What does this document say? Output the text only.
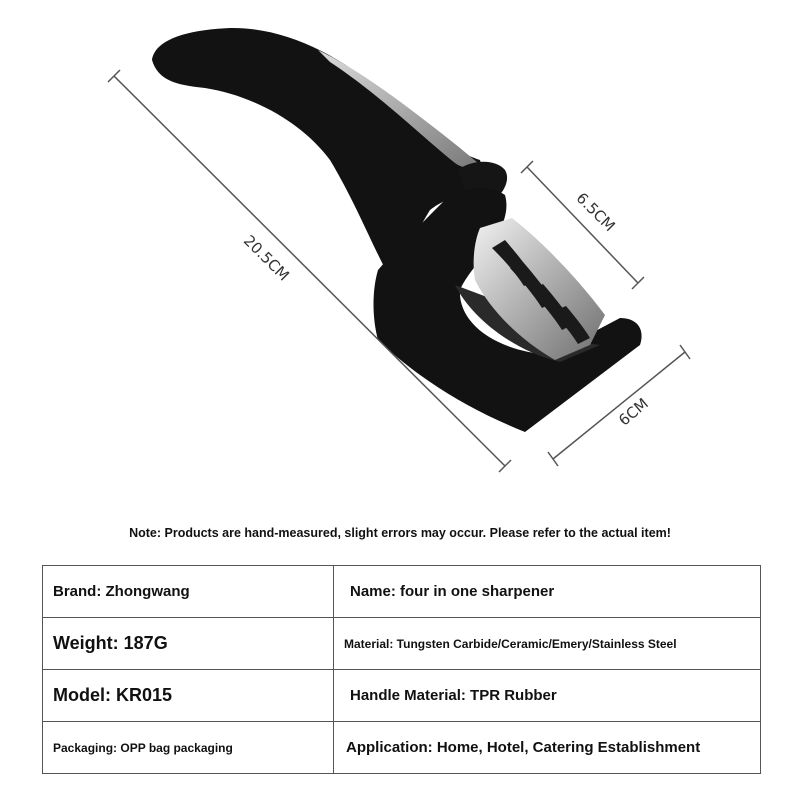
20.5CM
6.5CM
6CM
Note: Products are hand-measured, slight errors may occur. Please refer to the actual item!
Brand: Zhongwang	Name: four in one sharpener
Weight: 187G	Material: Tungsten Carbide/Ceramic/Emery/Stainless Steel
Model: KR015	Handle Material: TPR Rubber
Packaging: OPP bag packaging	Application: Home, Hotel, Catering Establishment
